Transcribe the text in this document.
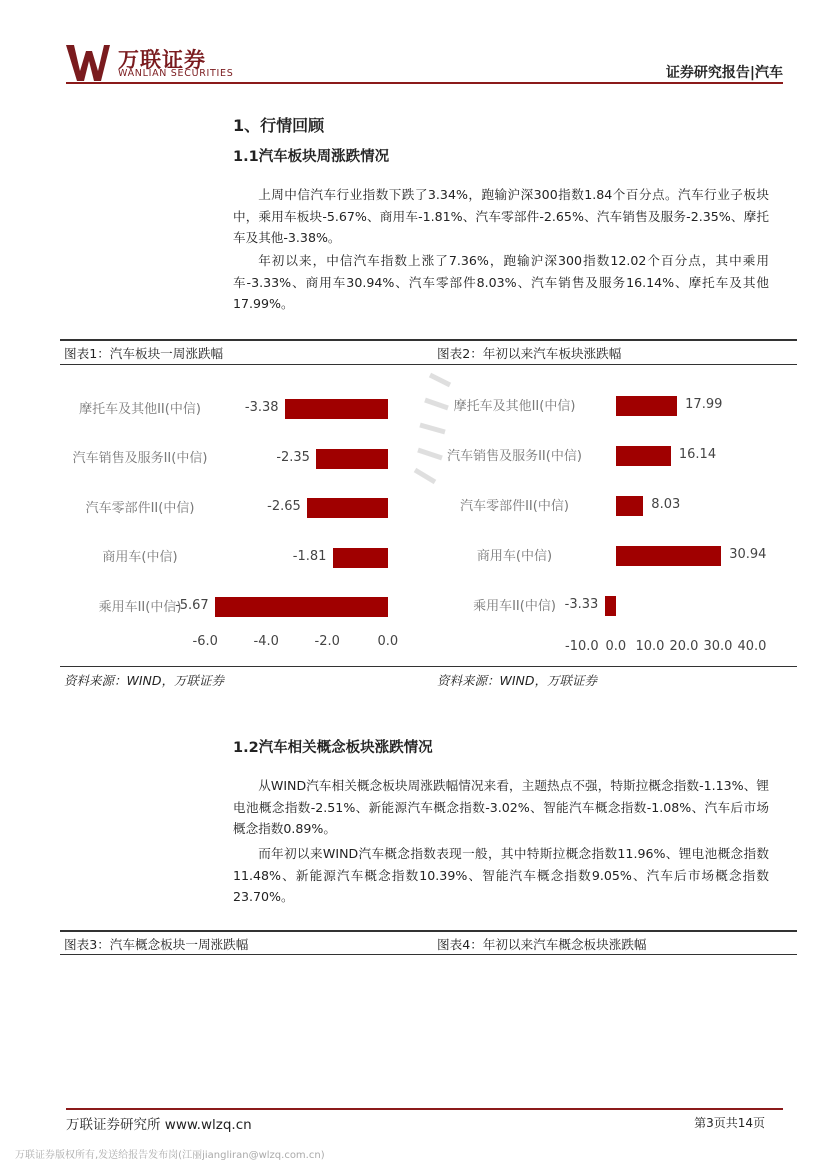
万联证券
WANLIAN SECURITIES	证券研究报告|汽车
1、行情回顾
1.1汽车板块周涨跌情况
上周中信汽车行业指数下跌了3.34%，跑输沪深300指数1.84个百分点。汽车行业子板块中，乘用车板块-5.67%、商用车-1.81%、汽车零部件-2.65%、汽车销售及服务-2.35%、摩托车及其他-3.38%。
年初以来，中信汽车指数上涨了7.36%，跑输沪深300指数12.02个百分点，其中乘用车-3.33%、商用车30.94%、汽车零部件8.03%、汽车销售及服务16.14%、摩托车及其他17.99%。
图表1：汽车板块一周涨跌幅	图表2：年初以来汽车板块涨跌幅
资料来源：WIND，万联证券	资料来源：WIND，万联证券
摩托车及其他II(中信)	-3.38
汽车销售及服务II(中信)	-2.35
汽车零部件II(中信)	-2.65
商用车(中信)	-1.81
乘用车II(中信)
-5.67
-6.0	-4.0	-2.0	0.0
摩托车及其他II(中信)	17.99
汽车销售及服务II(中信)	16.14
汽车零部件II(中信)	8.03
商用车(中信)	30.94
乘用车II(中信) -3.33
-10.0 0.0 10.0 20.0 30.0 40.0
1.2汽车相关概念板块涨跌情况
从WIND汽车相关概念板块周涨跌幅情况来看，主题热点不强，特斯拉概念指数-1.13%、锂电池概念指数-2.51%、新能源汽车概念指数-3.02%、智能汽车概念指数-1.08%、汽车后市场概念指数0.89%。
而年初以来WIND汽车概念指数表现一般，其中特斯拉概念指数11.96%、锂电池概念指数11.48%、新能源汽车概念指数10.39%、智能汽车概念指数9.05%、汽车后市场概念指数23.70%。
图表3：汽车概念板块一周涨跌幅	图表4：年初以来汽车概念板块涨跌幅
万联证券研究所 www.wlzq.cn	第3页共14页
万联证券版权所有,发送给报告发布岗(江丽jiangliran@wlzq.com.cn)
